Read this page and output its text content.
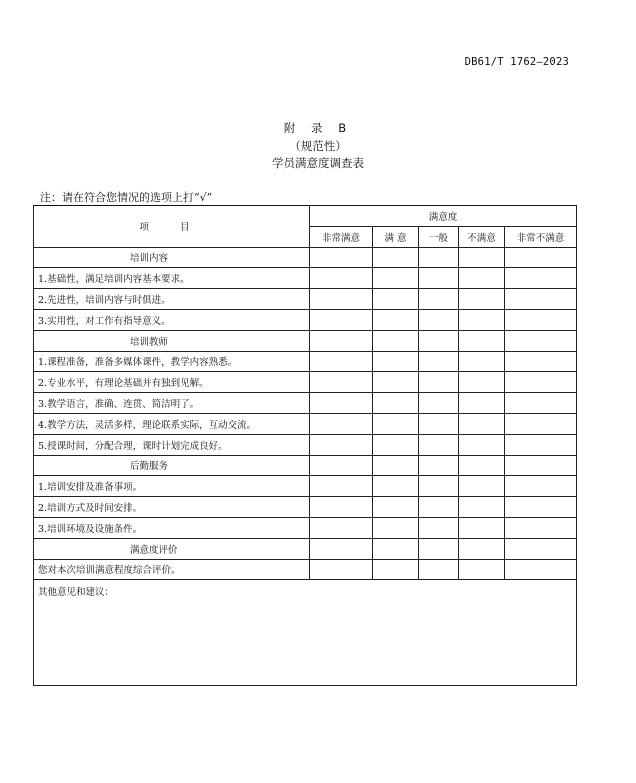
DB61/T 1762—2023
附 录 B
（规范性）
学员满意度调查表
注：请在符合您情况的选项上打“√”
项 目	满意度				
	非常满意	满 意	一般	不满意	非常不满意
培训内容					
1.基础性，满足培训内容基本要求。					
2.先进性，培训内容与时俱进。					
3.实用性，对工作有指导意义。					
培训教师					
1.课程准备，准备多媒体课件，教学内容熟悉。					
2.专业水平，有理论基础并有独到见解。					
3.教学语言，准确、连贯、简洁明了。					
4.教学方法，灵活多样，理论联系实际，互动交流。					
5.授课时间，分配合理，课时计划完成良好。					
后勤服务					
1.培训安排及准备事项。					
2.培训方式及时间安排。					
3.培训环境及设施条件。					
满意度评价					
您对本次培训满意程度综合评价。					
其他意见和建议：					
